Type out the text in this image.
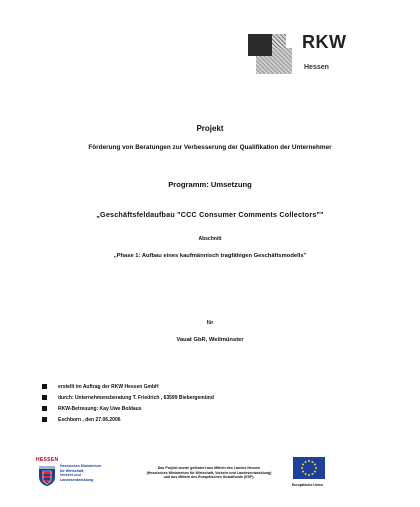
RKW
Hessen
Projekt
Förderung von Beratungen zur Verbesserung der Qualifikation der Unternehmer
Programm: Umsetzung
„Geschäftsfeldaufbau "CCC Consumer Comments Collectors""
Abschnitt
„Phase 1: Aufbau eines kaufmännisch tragfähigen Geschäftsmodells"
für
Vauat GbR, Weilmünster
erstellt im Auftrag der RKW Hessen GmbH
durch: Unternehmensberatung T. Friedrich , 63599 Biebergemünd
RKW-Betreuung: Kay Uwe Boldaus
Eschborn , den 27.06.2006
HESSEN
Hessisches Ministerium
für Wirtschaft,
Verkehr und
Landesentwicklung
Das Projekt wurde gefördert aus Mitteln des Landes Hessen
(Hessisches Ministerium für Wirtschaft, Verkehr und Landesentwicklung)
und aus Mitteln des Europäischen Sozialfonds (ESF).
Europäische Union
